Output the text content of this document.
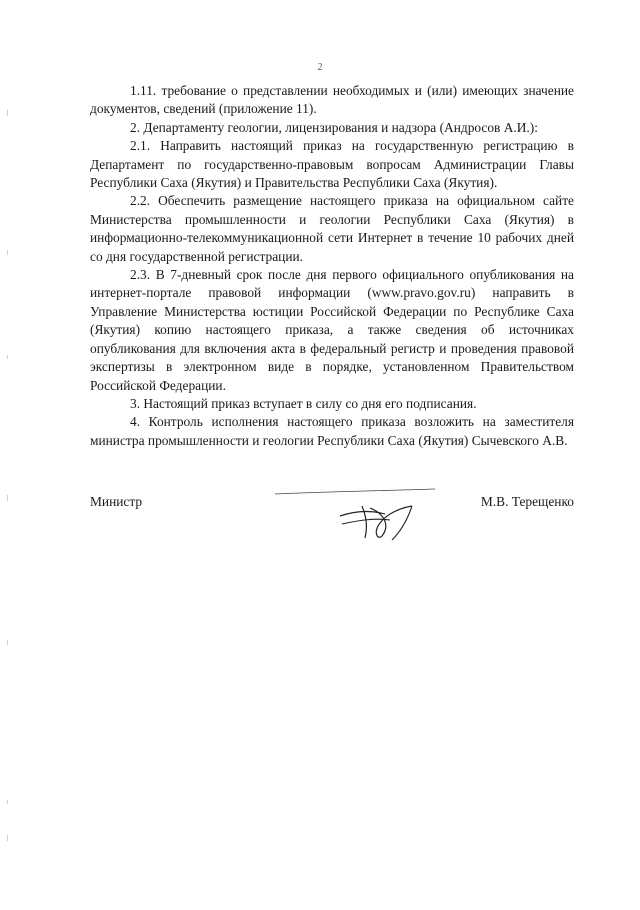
2

1.11. требование о представлении необходимых и (или) имеющих значение документов, сведений (приложение 11).

2. Департаменту геологии, лицензирования и надзора (Андросов А.И.):

2.1. Направить настоящий приказ на государственную регистрацию в Департамент по государственно-правовым вопросам Администрации Главы Республики Саха (Якутия) и Правительства Республики Саха (Якутия).

2.2. Обеспечить размещение настоящего приказа на официальном сайте Министерства промышленности и геологии Республики Саха (Якутия) в информационно-телекоммуникационной сети Интернет в течение 10 рабочих дней со дня государственной регистрации.

2.3. В 7-дневный срок после дня первого официального опубликования на интернет-портале правовой информации (www.pravo.gov.ru) направить в Управление Министерства юстиции Российской Федерации по Республике Саха (Якутия) копию настоящего приказа, а также сведения об источниках опубликования для включения акта в федеральный регистр и проведения правовой экспертизы в электронном виде в порядке, установленном Правительством Российской Федерации.

3. Настоящий приказ вступает в силу со дня его подписания.

4. Контроль исполнения настоящего приказа возложить на заместителя министра промышленности и геологии Республики Саха (Якутия) Сычевского А.В.

Министр	М.В. Терещенко
